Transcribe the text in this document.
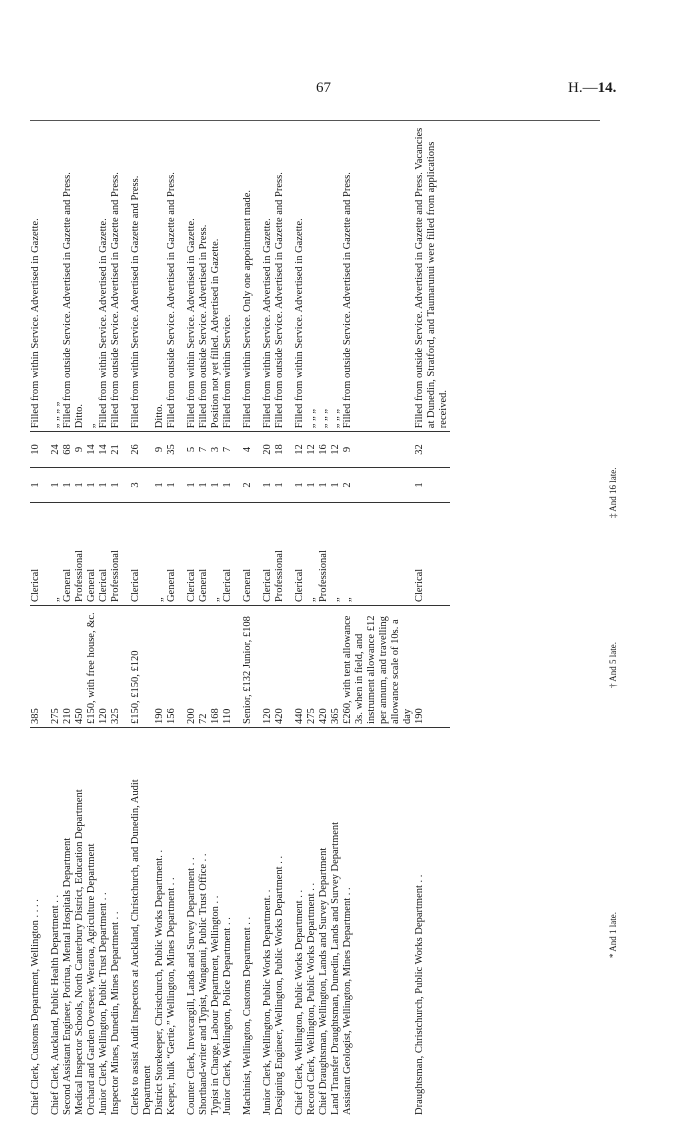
67	H.—14.
Chief Clerk, Customs Department, Wellington . . . .	385	Clerical	1	10	Filled from within Service. Advertised in Gazette.

Chief Clerk, Auckland, Public Health Department . .	275	„	1	24	„ „ „ „
Second Assistant Engineer, Porirua, Mental Hospitals Department	210	General	1	68	Filled from outside Service. Advertised in Gazette and Press.
Medical Inspector Schools, North Canterbury District, Education Department	450	Professional	1	9	Ditto.
Orchard and Garden Overseer, Weraroa, Agriculture Department	£150, with free house, &c.	General	1	14	„
Junior Clerk, Wellington, Public Trust Department . .	120	Clerical	1	14	Filled from within Service. Advertised in Gazette.
Inspector Mines, Dunedin, Mines Department . .	325	Professional	1	21	Filled from outside Service. Advertised in Gazette and Press.

Clerks to assist Audit Inspectors at Auckland, Christchurch, and Dunedin, Audit Department	£150, £150, £120	Clerical	3	26	Filled from within Service. Advertised in Gazette and Press.
District Storekeeper, Christchurch, Public Works Department. .	190	„	1	9	Ditto.
Keeper, hulk “Gertie,” Wellington, Mines Department . .	156	General	1	35	Filled from outside Service. Advertised in Gazette and Press.

Counter Clerk, Invercargill, Lands and Survey Department . .	200	Clerical	1	5	Filled from within Service. Advertised in Gazette.
Shorthand-writer and Typist, Wanganui, Public Trust Office . .	72	General	1	7	Filled from outside Service. Advertised in Press.
Typist in Charge, Labour Department, Wellington . .	168	„	1	3	Position not yet filled. Advertised in Gazette.
Junior Clerk, Wellington, Police Department . .	110	Clerical	1	7	Filled from within Service.

Machinist, Wellington, Customs Department . .	Senior, £132 Junior, £108	General	2	4	Filled from within Service. Only one appointment made.

Junior Clerk, Wellington, Public Works Department. .	120	Clerical	1	20	Filled from within Service. Advertised in Gazette.
Designing Engineer, Wellington, Public Works Department . .	420	Professional	1	18	Filled from outside Service. Advertised in Gazette and Press.

Chief Clerk, Wellington, Public Works Department . .	440	Clerical	1	12	Filled from within Service. Advertised in Gazette.
Record Clerk, Wellington, Public Works Department . .	275	„	1	12	„ „ „
Chief Draughtsman, Wellington, Lands and Survey Department	420	Professional	1	16	„ „ „
Land Transfer Draughtsman, Dunedin, Lands and Survey Department	365	„	1	12	„ „ „
Assistant Geologist, Wellington, Mines Department . .	£260, with tent allowance 3s. when in field, and instrument allowance £12 per annum, and travelling allowance scale of 10s. a day	„	2	9	Filled from outside Service. Advertised in Gazette and Press.
Draughtsman, Christchurch, Public Works Department . .	190	Clerical	1	32	Filled from outside Service. Advertised in Gazette and Press. Vacancies at Dunedin, Stratford, and Taumarunui were filled from applications received.
* And 1 late.
† And 5 late.
‡ And 16 late.
